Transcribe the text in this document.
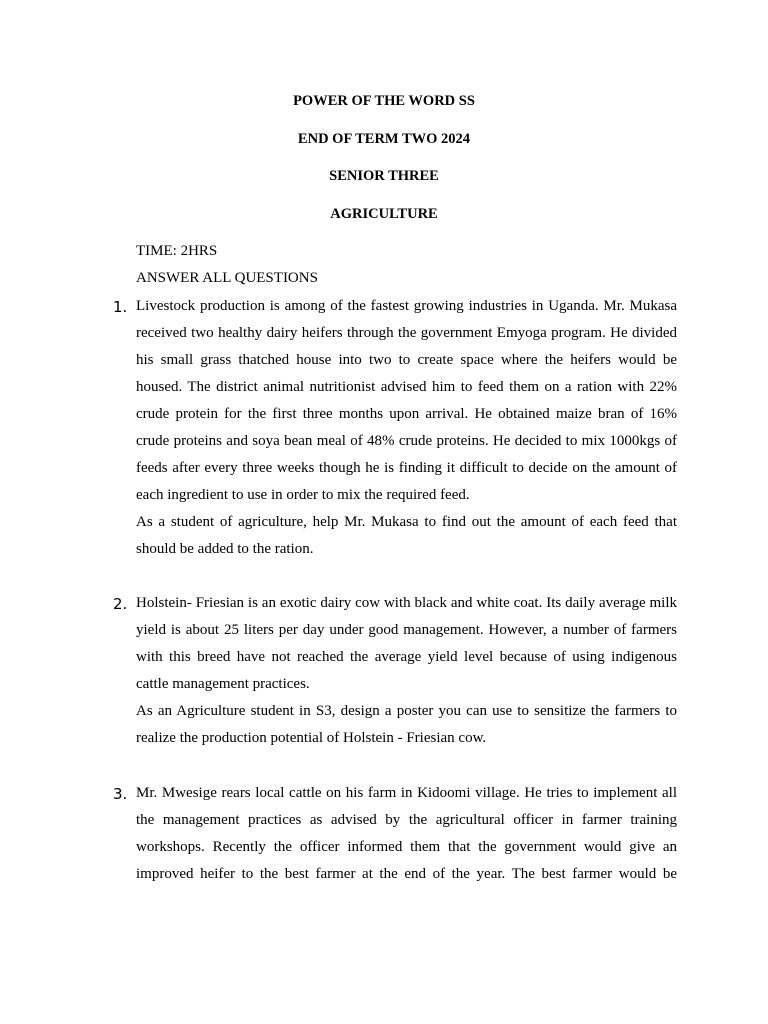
POWER OF THE WORD SS
END OF TERM TWO 2024
SENIOR THREE
AGRICULTURE
TIME: 2HRS
ANSWER ALL QUESTIONS
1. Livestock production is among of the fastest growing industries in Uganda. Mr. Mukasa received two healthy dairy heifers through the government Emyoga program. He divided his small grass thatched house into two to create space where the heifers would be housed. The district animal nutritionist advised him to feed them on a ration with 22% crude protein for the first three months upon arrival. He obtained maize bran of 16% crude proteins and soya bean meal of 48% crude proteins. He decided to mix 1000kgs of feeds after every three weeks though he is finding it difficult to decide on the amount of each ingredient to use in order to mix the required feed.

As a student of agriculture, help Mr. Mukasa to find out the amount of each feed that should be added to the ration.

2. Holstein- Friesian is an exotic dairy cow with black and white coat. Its daily average milk yield is about 25 liters per day under good management. However, a number of farmers with this breed have not reached the average yield level because of using indigenous cattle management practices.

As an Agriculture student in S3, design a poster you can use to sensitize the farmers to realize the production potential of Holstein - Friesian cow.

3. Mr. Mwesige rears local cattle on his farm in Kidoomi village. He tries to implement all the management practices as advised by the agricultural officer in farmer training workshops. Recently the officer informed them that the government would give an improved heifer to the best farmer at the end of the year. The best farmer would be
